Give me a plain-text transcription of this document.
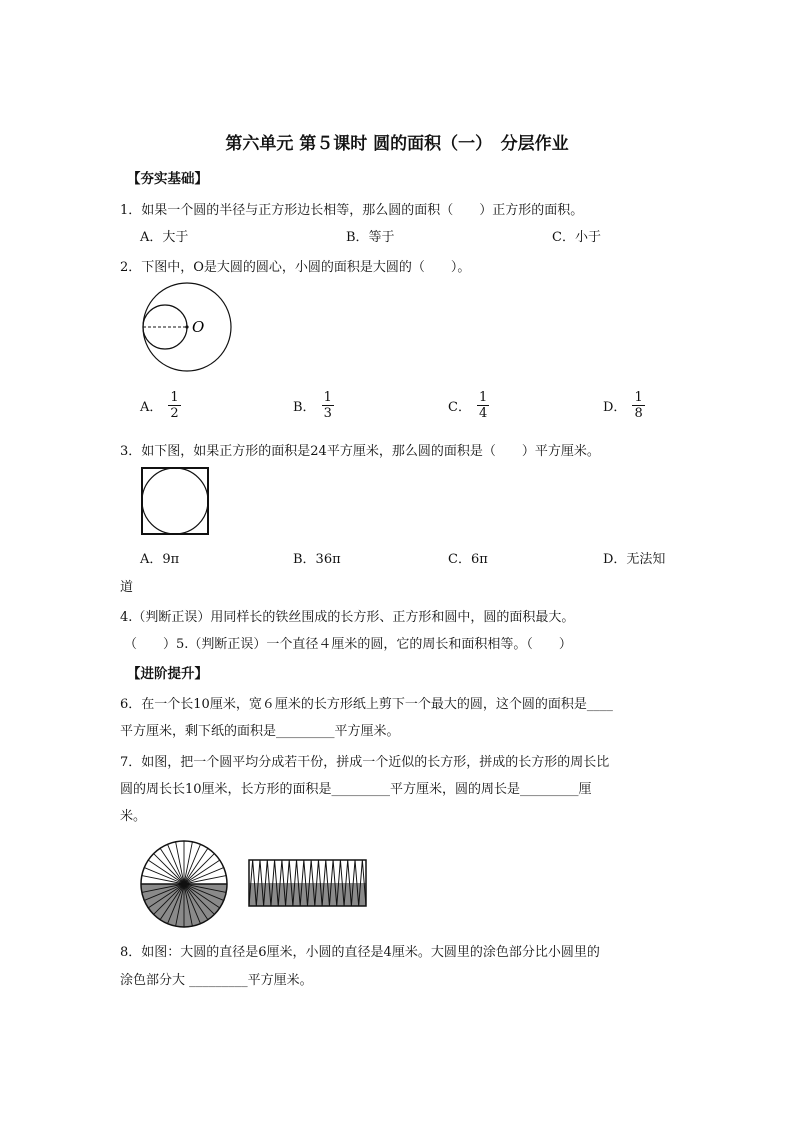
第六单元 第５课时 圆的面积（一）　分层作业
【夯实基础】
1．如果一个圆的半径与正方形边长相等，那么圆的面积（　　）正方形的面积。
A．大于	B．等于	C．小于
2．下图中，O是大圆的圆心，小圆的面积是大圆的（　　）。
O
A． $\frac{1}{2}$	B． $\frac{1}{3}$	C． $\frac{1}{4}$	D． $\frac{1}{8}$
3．如下图，如果正方形的面积是24平方厘米，那么圆的面积是（　　）平方厘米。
A．9π	B．36π	C．6π	D．无法知
道
4.（判断正误）用同样长的铁丝围成的长方形、正方形和圆中，圆的面积最大。
（　　）5.（判断正误）一个直径４厘米的圆，它的周长和面积相等。（　　）
【进阶提升】
6．在一个长10厘米，宽６厘米的长方形纸上剪下一个最大的圆，这个圆的面积是____
平方厘米，剩下纸的面积是_________平方厘米。
7．如图，把一个圆平均分成若干份，拼成一个近似的长方形，拼成的长方形的周长比
圆的周长长10厘米，长方形的面积是_________平方厘米，圆的周长是_________厘
米。
8．如图：大圆的直径是6厘米，小圆的直径是4厘米。大圆里的涂色部分比小圆里的
涂色部分大 _________平方厘米。
